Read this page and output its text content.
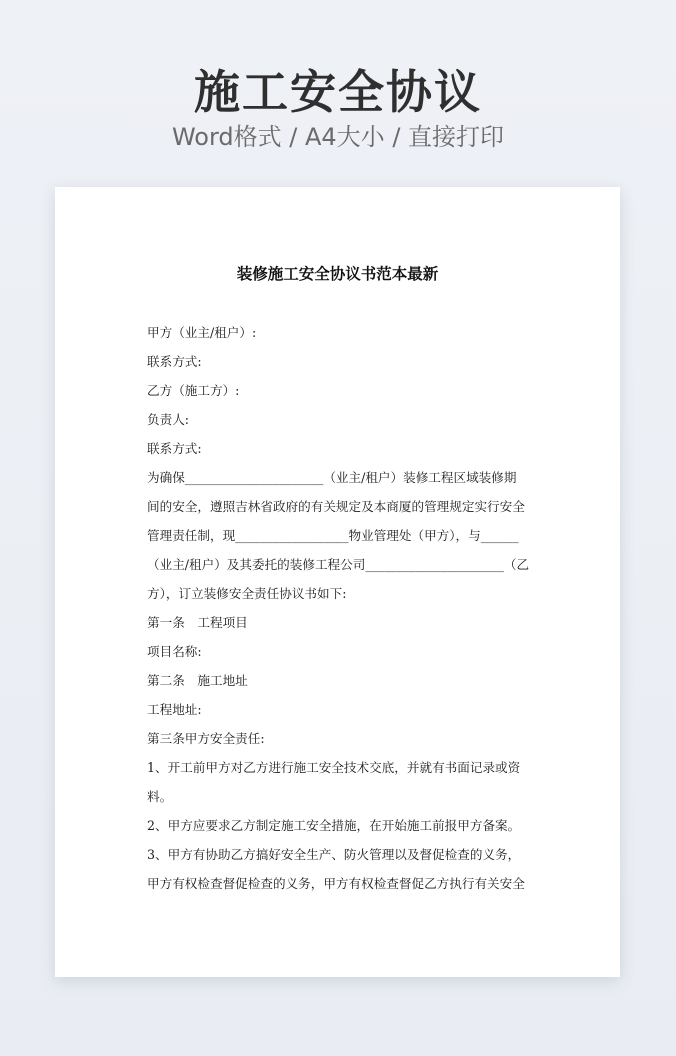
施工安全协议
Word格式 / A4大小 / 直接打印
装修施工安全协议书范本最新
甲方（业主/租户）:
联系方式:
乙方（施工方）:
负责人:
联系方式:
为确保______________________（业主/租户）装修工程区域装修期
间的安全，遵照吉林省政府的有关规定及本商厦的管理规定实行安全
管理责任制，现__________________物业管理处（甲方），与______
（业主/租户）及其委托的装修工程公司______________________（乙
方），订立装修安全责任协议书如下:
第一条　工程项目
项目名称:
第二条　施工地址
工程地址:
第三条甲方安全责任:
1、开工前甲方对乙方进行施工安全技术交底，并就有书面记录或资
料。
2、甲方应要求乙方制定施工安全措施，在开始施工前报甲方备案。
3、甲方有协助乙方搞好安全生产、防火管理以及督促检查的义务，
甲方有权检查督促检查的义务，甲方有权检查督促乙方执行有关安全
